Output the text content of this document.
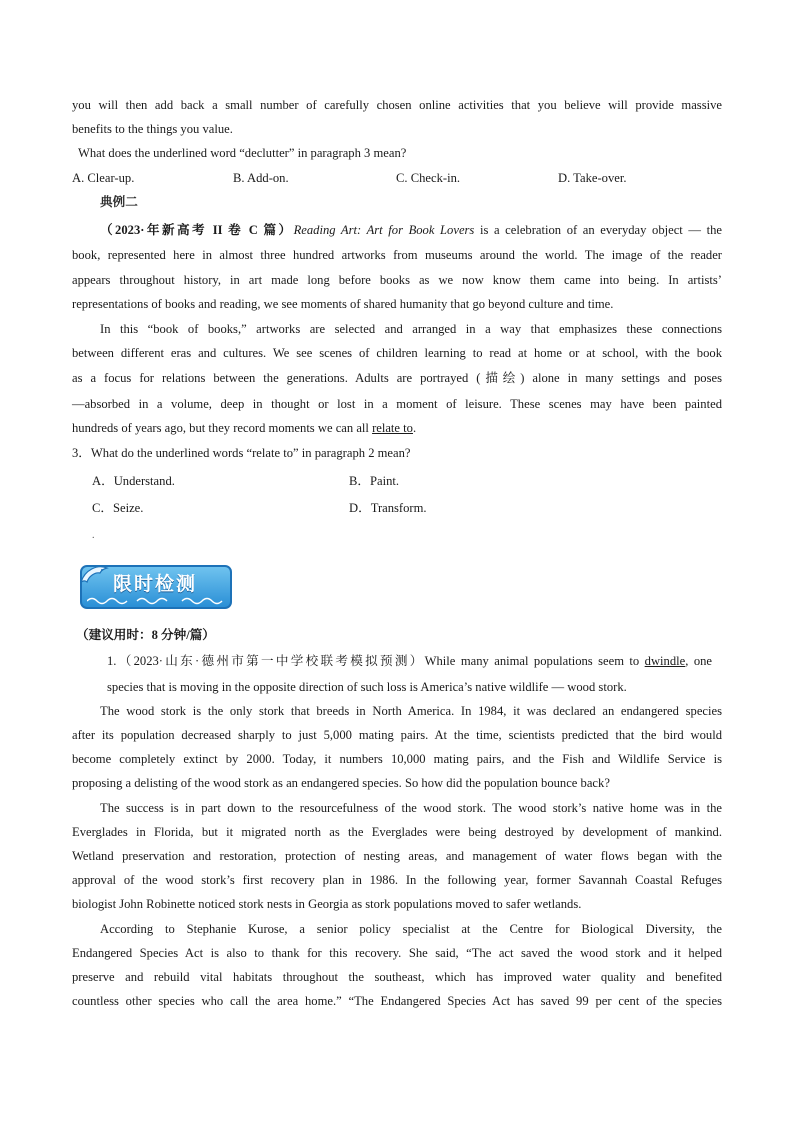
you will then add back a small number of carefully chosen online activities that you believe will provide massive
benefits to the things you value.
What does the underlined word “declutter” in paragraph 3 mean?
A. Clear-up.	B. Add-on.	C. Check-in.	D. Take-over.
典例二
（2023·年新高考 II 卷 C 篇）Reading Art: Art for Book Lovers is a celebration of an everyday object — the
book, represented here in almost three hundred artworks from museums around the world. The image of the reader
appears throughout history, in art made long before books as we now know them came into being. In artists’
representations of books and reading, we see moments of shared humanity that go beyond culture and time.
In this “book of books,” artworks are selected and arranged in a way that emphasizes these connections
between different eras and cultures. We see scenes of children learning to read at home or at school, with the book
as a focus for relations between the generations. Adults are portrayed (描绘) alone in many settings and poses
—absorbed in a volume, deep in thought or lost in a moment of leisure. These scenes may have been painted
hundreds of years ago, but they record moments we can all relate to.
3．What do the underlined words “relate to” in paragraph 2 mean?
A．Understand.	B．Paint.
C．Seize.	D．Transform.
.
限时检测
（建议用时：8 分钟/篇）
1.（2023·山东·德州市第一中学校联考模拟预测）While many animal populations seem to dwindle, one
species that is moving in the opposite direction of such loss is America’s native wildlife — wood stork.
The wood stork is the only stork that breeds in North America. In 1984, it was declared an endangered species
after its population decreased sharply to just 5,000 mating pairs. At the time, scientists predicted that the bird would
become completely extinct by 2000. Today, it numbers 10,000 mating pairs, and the Fish and Wildlife Service is
proposing a delisting of the wood stork as an endangered species. So how did the population bounce back?
The success is in part down to the resourcefulness of the wood stork. The wood stork’s native home was in the
Everglades in Florida, but it migrated north as the Everglades were being destroyed by development of mankind.
Wetland preservation and restoration, protection of nesting areas, and management of water flows began with the
approval of the wood stork’s first recovery plan in 1986. In the following year, former Savannah Coastal Refuges
biologist John Robinette noticed stork nests in Georgia as stork populations moved to safer wetlands.
According to Stephanie Kurose, a senior policy specialist at the Centre for Biological Diversity, the
Endangered Species Act is also to thank for this recovery. She said, “The act saved the wood stork and it helped
preserve and rebuild vital habitats throughout the southeast, which has improved water quality and benefited
countless other species who call the area home.” “The Endangered Species Act has saved 99 per cent of the species
